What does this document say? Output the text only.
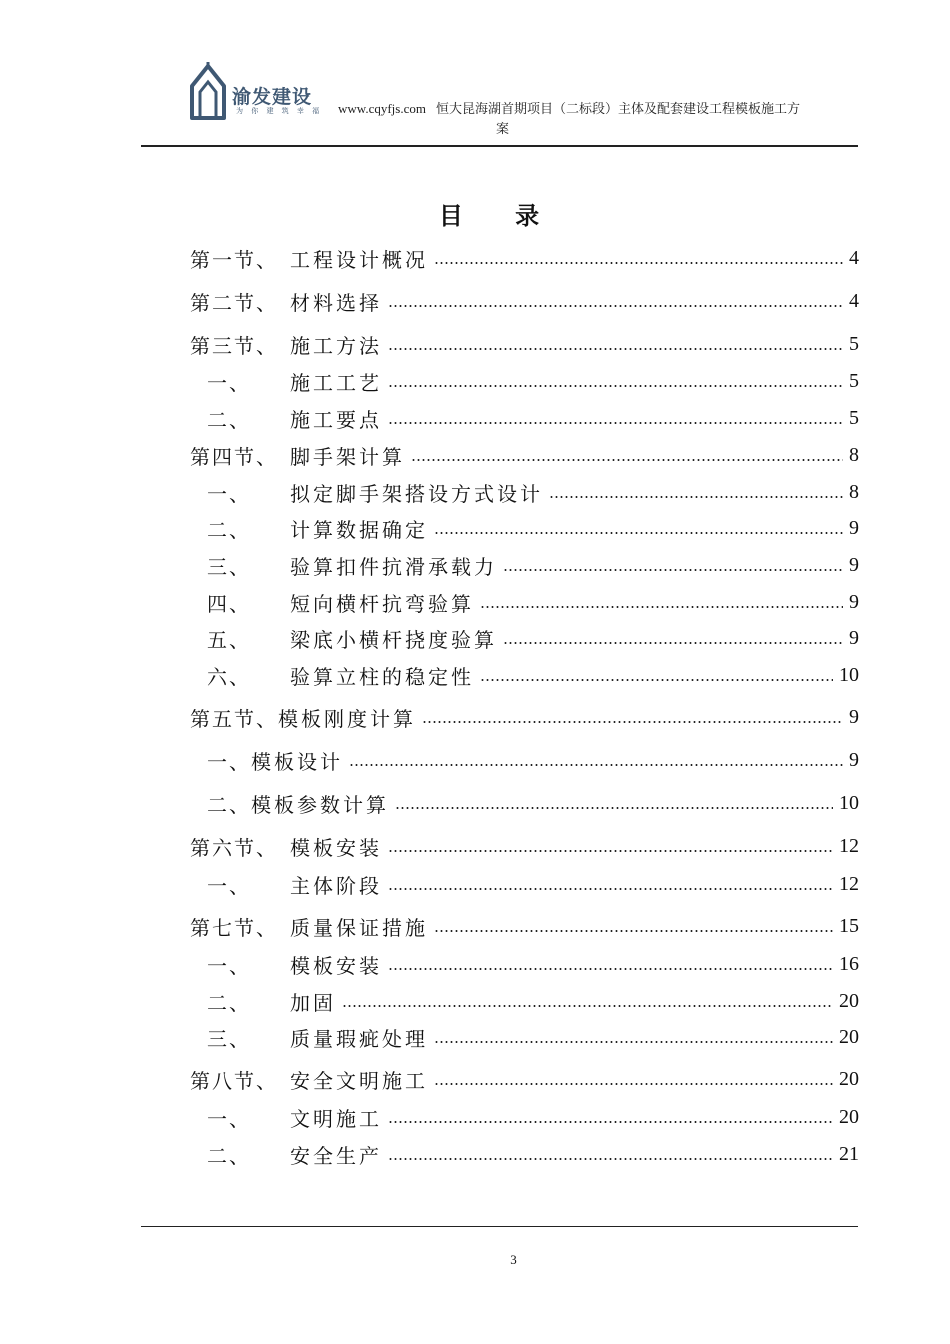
渝发建设
为 你 建 筑 幸 福 www.cqyfjs.com 恒大昆海湖首期项目（二标段）主体及配套建设工程模板施工方
案
目 录
第一节、 工程设计概况	4
第二节、 材料选择	4
第三节、 施工方法	5
一、	施工工艺	5
二、	施工要点	5
第四节、 脚手架计算	8
一、	拟定脚手架搭设方式设计	8
二、	计算数据确定	9
三、	验算扣件抗滑承载力	9
四、	短向横杆抗弯验算	9
五、	梁底小横杆挠度验算	9
六、	验算立柱的稳定性	10
第五节、 模板刚度计算	9
一、 模板设计	9
二、 模板参数计算	10
第六节、 模板安装	12
一、	主体阶段	12
第七节、 质量保证措施	15
一、	模板安装	16
二、	加固	20
三、	质量瑕疵处理	20
第八节、 安全文明施工	20
一、	文明施工	20
二、	安全生产	21
3
